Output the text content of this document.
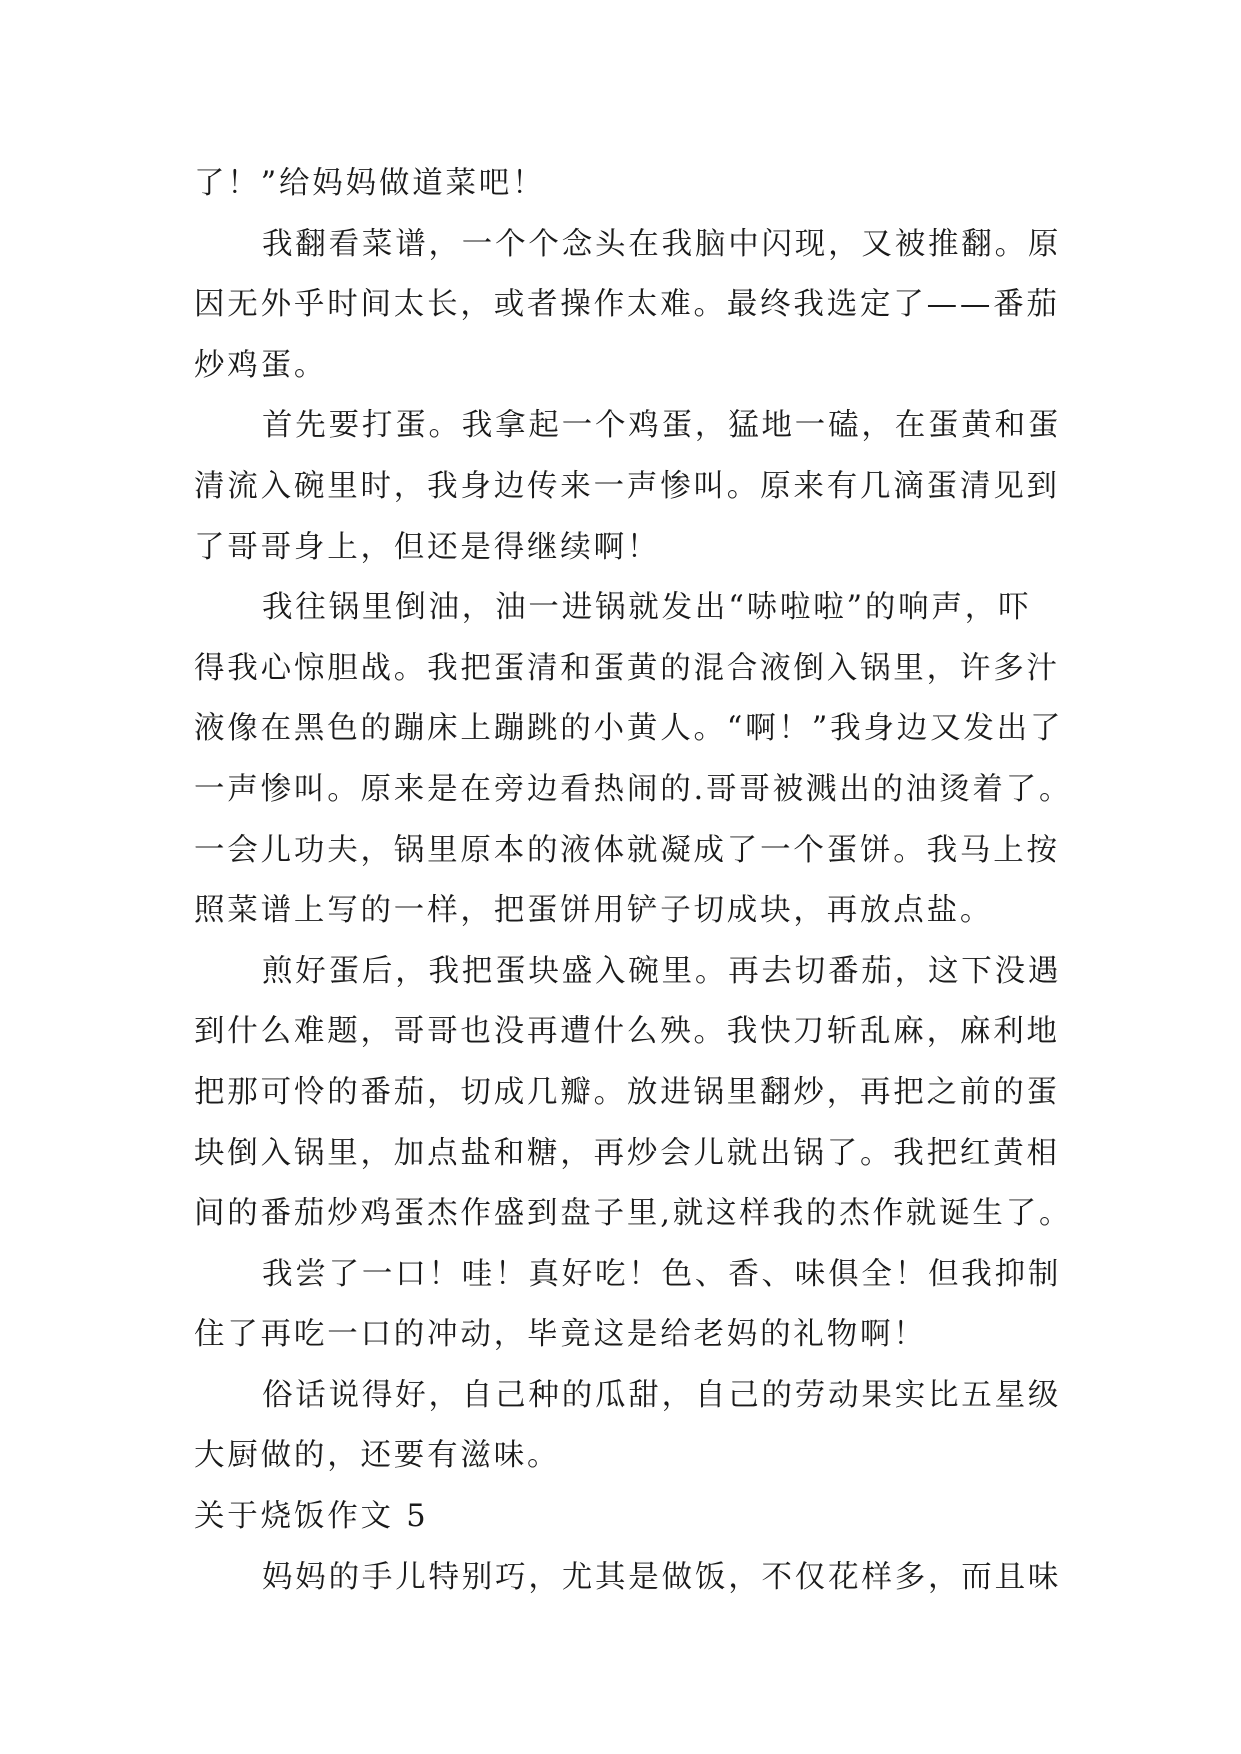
了！”给妈妈做道菜吧！
我翻看菜谱，一个个念头在我脑中闪现，又被推翻。原
因无外乎时间太长，或者操作太难。最终我选定了——番茄
炒鸡蛋。
首先要打蛋。我拿起一个鸡蛋，猛地一磕，在蛋黄和蛋
清流入碗里时，我身边传来一声惨叫。原来有几滴蛋清见到
了哥哥身上，但还是得继续啊！
我往锅里倒油，油一进锅就发出“哧啦啦”的响声，吓
得我心惊胆战。我把蛋清和蛋黄的混合液倒入锅里，许多汁
液像在黑色的蹦床上蹦跳的小黄人。“啊！”我身边又发出了
一声惨叫。原来是在旁边看热闹的.哥哥被溅出的油烫着了。
一会儿功夫，锅里原本的液体就凝成了一个蛋饼。我马上按
照菜谱上写的一样，把蛋饼用铲子切成块，再放点盐。
煎好蛋后，我把蛋块盛入碗里。再去切番茄，这下没遇
到什么难题，哥哥也没再遭什么殃。我快刀斩乱麻，麻利地
把那可怜的番茄，切成几瓣。放进锅里翻炒，再把之前的蛋
块倒入锅里，加点盐和糖，再炒会儿就出锅了。我把红黄相
间的番茄炒鸡蛋杰作盛到盘子里,就这样我的杰作就诞生了。
我尝了一口！哇！真好吃！色、香、味俱全！但我抑制
住了再吃一口的冲动，毕竟这是给老妈的礼物啊！
俗话说得好，自己种的瓜甜，自己的劳动果实比五星级
大厨做的，还要有滋味。
关于烧饭作文 5
妈妈的手儿特别巧，尤其是做饭，不仅花样多，而且味
